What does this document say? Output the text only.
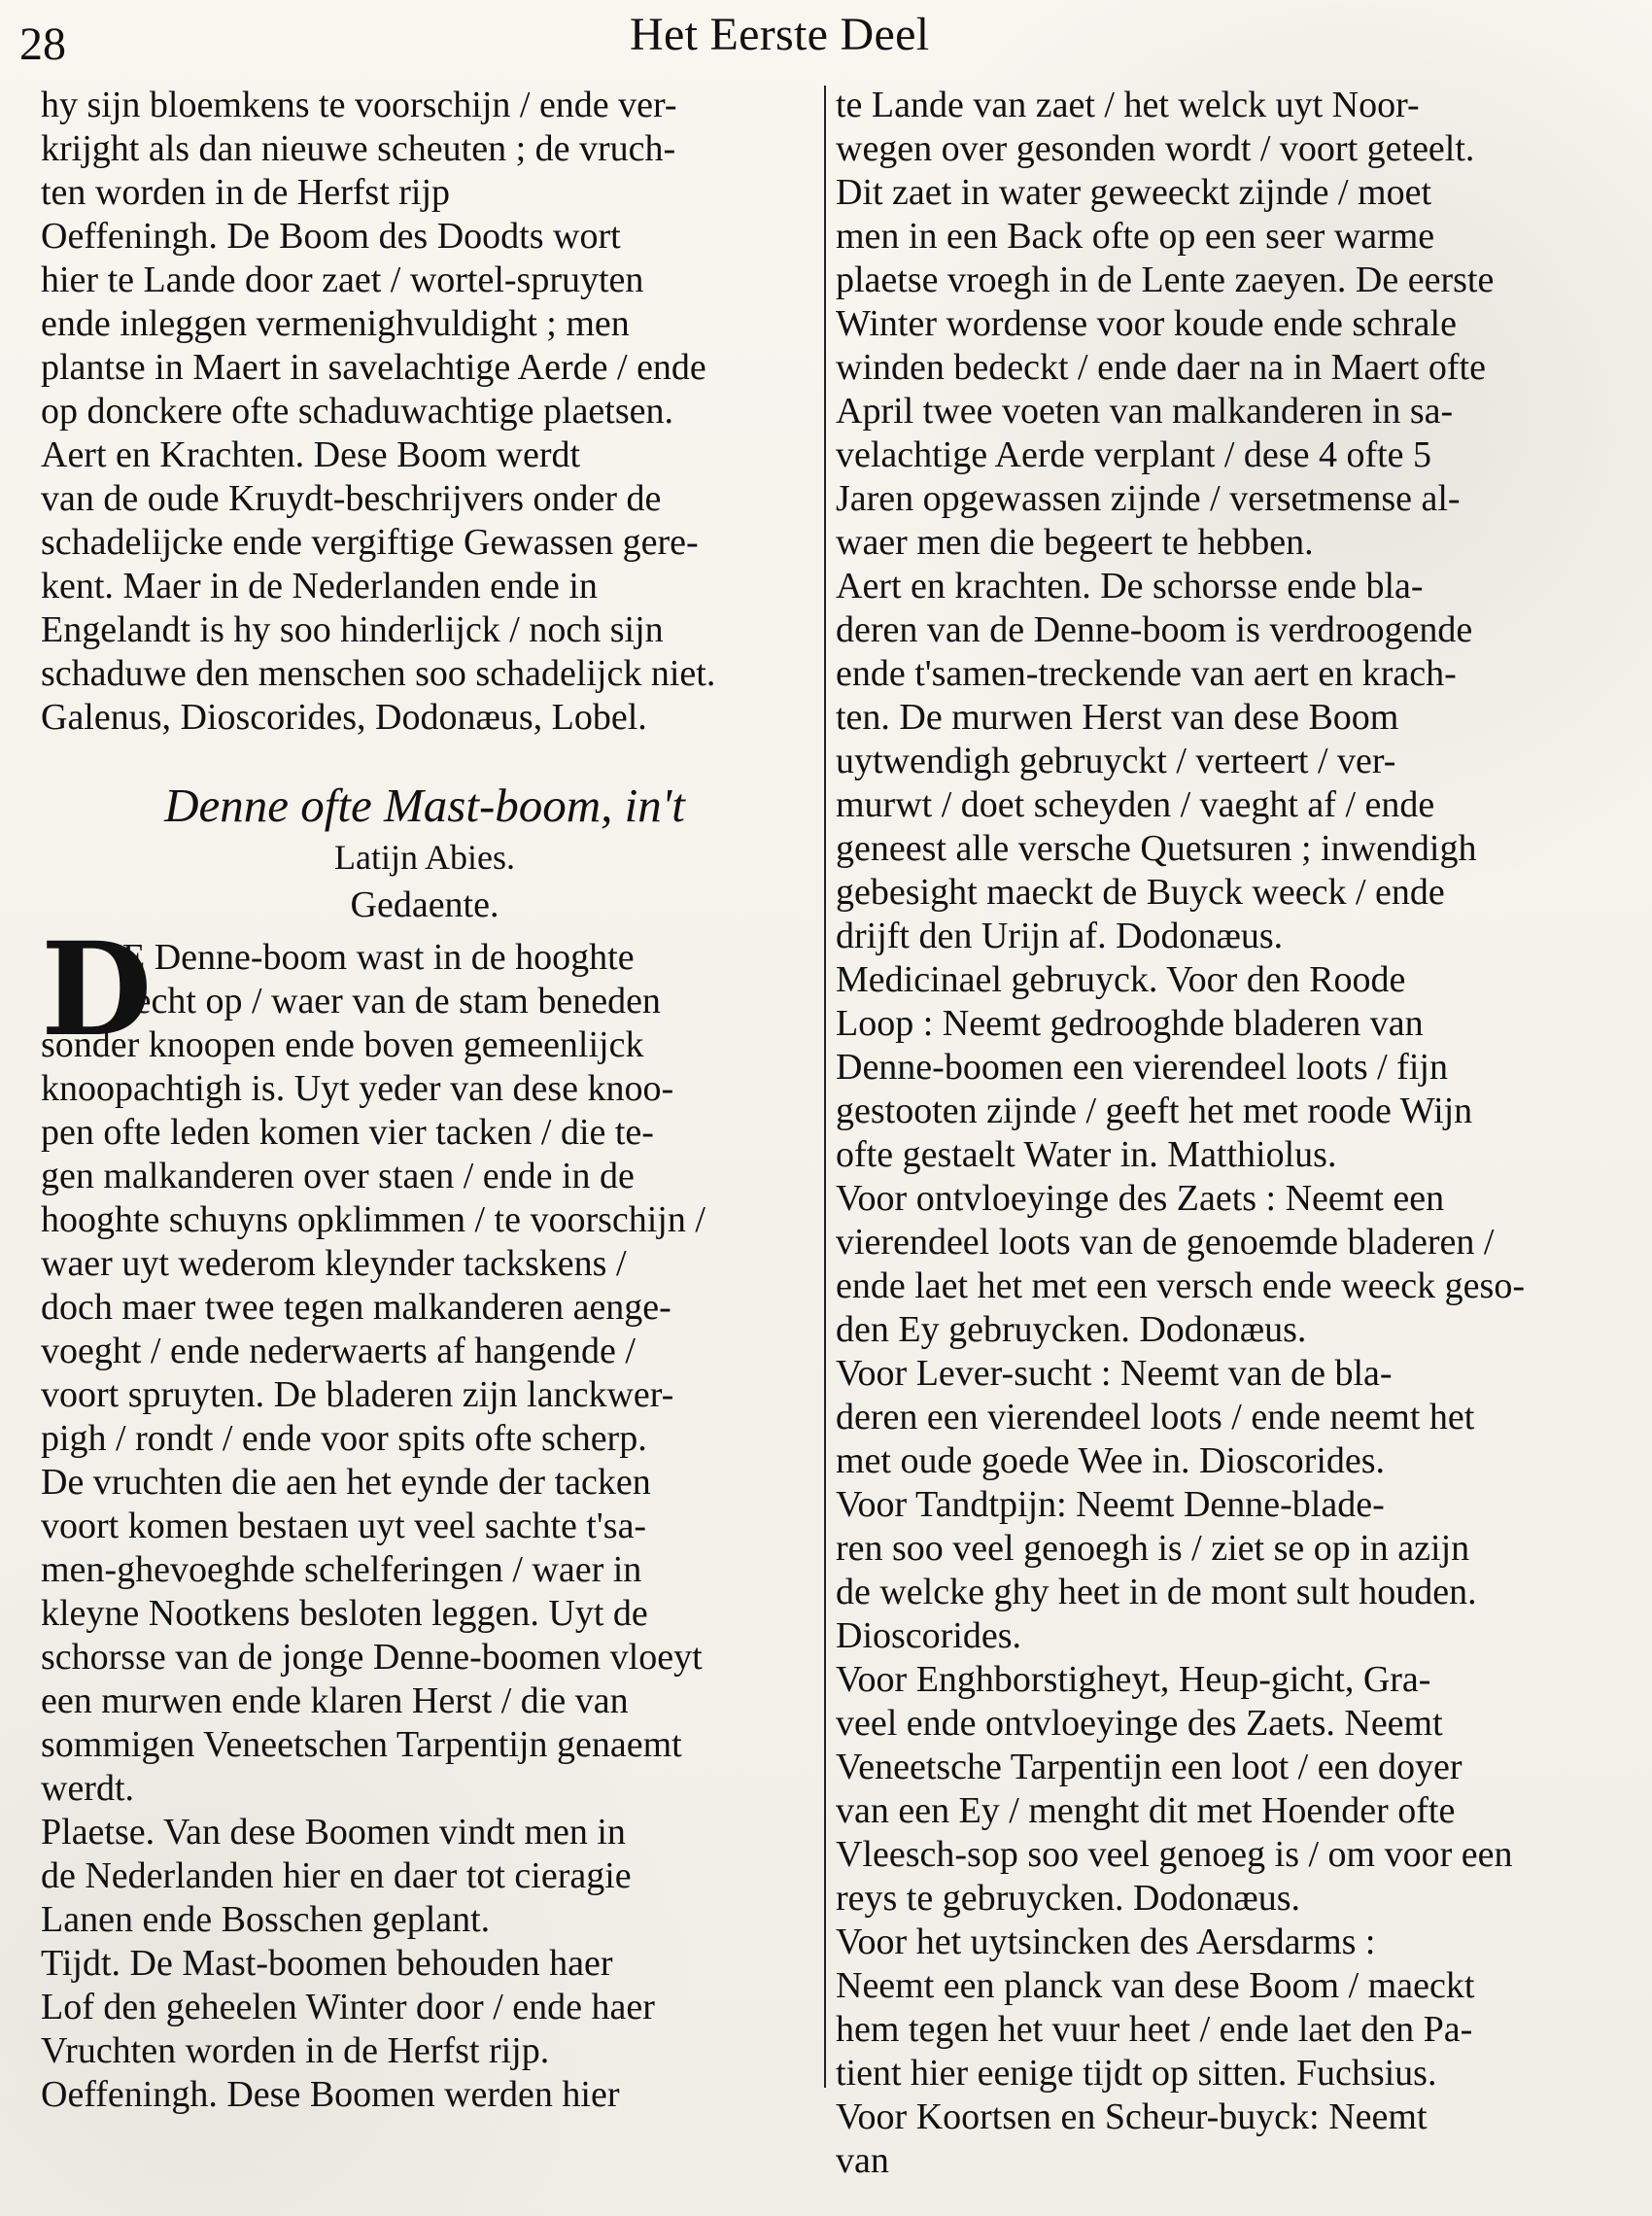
28	Het Eerste Deel
hy sijn bloemkens te voorschijn / ende ver-
krijght als dan nieuwe scheuten ; de vruch-
ten worden in de Herfst rijp
Oeffeningh. De Boom des Doodts wort
hier te Lande door zaet / wortel-spruyten
ende inleggen vermenighvuldight ; men
plantse in Maert in savelachtige Aerde / ende
op donckere ofte schaduwachtige plaetsen.
Aert en Krachten. Dese Boom werdt
van de oude Kruydt-beschrijvers onder de
schadelijcke ende vergiftige Gewassen gere-
kent. Maer in de Nederlanden ende in
Engelandt is hy soo hinderlijck / noch sijn
schaduwe den menschen soo schadelijck niet.
Galenus, Dioscorides, Dodonæus, Lobel.
Denne ofte Mast-boom, in't
Latijn Abies.
Gedaente.
D
E Denne-boom wast in de hooghte
recht op / waer van de stam beneden
sonder knoopen ende boven gemeenlijck
knoopachtigh is. Uyt yeder van dese knoo-
pen ofte leden komen vier tacken / die te-
gen malkanderen over staen / ende in de
hooghte schuyns opklimmen / te voorschijn /
waer uyt wederom kleynder tackskens /
doch maer twee tegen malkanderen aenge-
voeght / ende nederwaerts af hangende /
voort spruyten. De bladeren zijn lanckwer-
pigh / rondt / ende voor spits ofte scherp.
De vruchten die aen het eynde der tacken
voort komen bestaen uyt veel sachte t'sa-
men-ghevoeghde schelferingen / waer in
kleyne Nootkens besloten leggen. Uyt de
schorsse van de jonge Denne-boomen vloeyt
een murwen ende klaren Herst / die van
sommigen Veneetschen Tarpentijn genaemt
werdt.
Plaetse. Van dese Boomen vindt men in
de Nederlanden hier en daer tot cieragie
Lanen ende Bosschen geplant.
Tijdt. De Mast-boomen behouden haer
Lof den geheelen Winter door / ende haer
Vruchten worden in de Herfst rijp.
Oeffeningh. Dese Boomen werden hier
te Lande van zaet / het welck uyt Noor-
wegen over gesonden wordt / voort geteelt.
Dit zaet in water geweeckt zijnde / moet
men in een Back ofte op een seer warme
plaetse vroegh in de Lente zaeyen. De eerste
Winter wordense voor koude ende schrale
winden bedeckt / ende daer na in Maert ofte
April twee voeten van malkanderen in sa-
velachtige Aerde verplant / dese 4 ofte 5
Jaren opgewassen zijnde / versetmense al-
waer men die begeert te hebben.
Aert en krachten. De schorsse ende bla-
deren van de Denne-boom is verdroogende
ende t'samen-treckende van aert en krach-
ten. De murwen Herst van dese Boom
uytwendigh gebruyckt / verteert / ver-
murwt / doet scheyden / vaeght af / ende
geneest alle versche Quetsuren ; inwendigh
gebesight maeckt de Buyck weeck / ende
drijft den Urijn af. Dodonæus.
Medicinael gebruyck. Voor den Roode
Loop : Neemt gedrooghde bladeren van
Denne-boomen een vierendeel loots / fijn
gestooten zijnde / geeft het met roode Wijn
ofte gestaelt Water in. Matthiolus.
Voor ontvloeyinge des Zaets : Neemt een
vierendeel loots van de genoemde bladeren /
ende laet het met een versch ende weeck gesо-
den Ey gebruycken. Dodonæus.
Voor Lever-sucht : Neemt van de bla-
deren een vierendeel loots / ende neemt het
met oude goede Wee in. Dioscorides.
Voor Tandtpijn: Neemt Denne-blade-
ren soo veel genoegh is / ziet se op in azijn
de welcke ghy heet in de mont sult houden.
Dioscorides.
Voor Enghborstigheyt, Heup-gicht, Gra-
veel ende ontvloeyinge des Zaets. Neemt
Veneetsche Tarpentijn een loot / een doyer
van een Ey / menght dit met Hoender ofte
Vleesch-sop soo veel genoeg is / om voor een
reys te gebruycken. Dodonæus.
Voor het uytsincken des Aersdarms :
Neemt een planck van dese Boom / maeckt
hem tegen het vuur heet / ende laet den Pa-
tient hier eenige tijdt op sitten. Fuchsius.
Voor Koortsen en Scheur-buyck: Neemt
van
